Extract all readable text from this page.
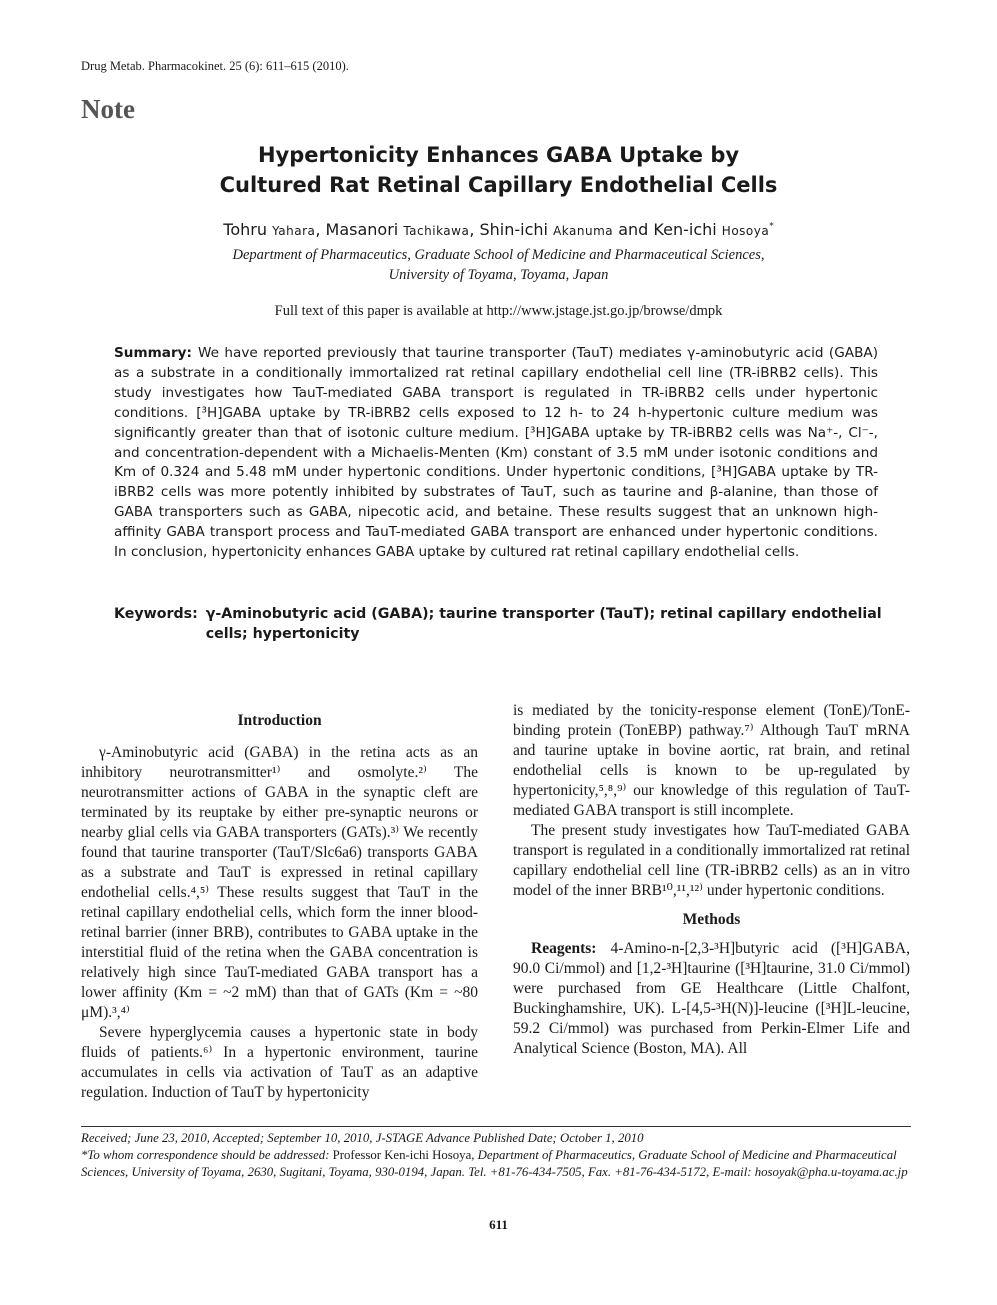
Drug Metab. Pharmacokinet. 25 (6): 611–615 (2010).
Note
Hypertonicity Enhances GABA Uptake by
Cultured Rat Retinal Capillary Endothelial Cells
Tohru Yahara, Masanori Tachikawa, Shin-ichi Akanuma and Ken-ichi Hosoya*
Department of Pharmaceutics, Graduate School of Medicine and Pharmaceutical Sciences,
University of Toyama, Toyama, Japan
Full text of this paper is available at http://www.jstage.jst.go.jp/browse/dmpk
Summary: We have reported previously that taurine transporter (TauT) mediates γ-aminobutyric acid (GABA) as a substrate in a conditionally immortalized rat retinal capillary endothelial cell line (TR-iBRB2 cells). This study investigates how TauT-mediated GABA transport is regulated in TR-iBRB2 cells under hypertonic conditions. [³H]GABA uptake by TR-iBRB2 cells exposed to 12 h- to 24 h-hypertonic culture medium was significantly greater than that of isotonic culture medium. [³H]GABA uptake by TR-iBRB2 cells was Na⁺-, Cl⁻-, and concentration-dependent with a Michaelis-Menten (Km) constant of 3.5 mM under isotonic conditions and Km of 0.324 and 5.48 mM under hypertonic conditions. Under hypertonic conditions, [³H]GABA uptake by TR-iBRB2 cells was more potently inhibited by substrates of TauT, such as taurine and β-alanine, than those of GABA transporters such as GABA, nipecotic acid, and betaine. These results suggest that an unknown high-affinity GABA transport process and TauT-mediated GABA transport are enhanced under hypertonic conditions. In conclusion, hypertonicity enhances GABA uptake by cultured rat retinal capillary endothelial cells.
Keywords: γ-Aminobutyric acid (GABA); taurine transporter (TauT); retinal capillary endothelial cells; hypertonicity
Introduction

γ-Aminobutyric acid (GABA) in the retina acts as an inhibitory neurotransmitter¹⁾ and osmolyte.²⁾ The neurotransmitter actions of GABA in the synaptic cleft are terminated by its reuptake by either pre-synaptic neurons or nearby glial cells via GABA transporters (GATs).³⁾ We recently found that taurine transporter (TauT/Slc6a6) transports GABA as a substrate and TauT is expressed in retinal capillary endothelial cells.⁴,⁵⁾ These results suggest that TauT in the retinal capillary endothelial cells, which form the inner blood-retinal barrier (inner BRB), contributes to GABA uptake in the interstitial fluid of the retina when the GABA concentration is relatively high since TauT-mediated GABA transport has a lower affinity (Km = ~2 mM) than that of GATs (Km = ~80 μM).³,⁴⁾

Severe hyperglycemia causes a hypertonic state in body fluids of patients.⁶⁾ In a hypertonic environment, taurine accumulates in cells via activation of TauT as an adaptive regulation. Induction of TauT by hypertonicity

is mediated by the tonicity-response element (TonE)/TonE-binding protein (TonEBP) pathway.⁷⁾ Although TauT mRNA and taurine uptake in bovine aortic, rat brain, and retinal endothelial cells is known to be up-regulated by hypertonicity,⁵,⁸,⁹⁾ our knowledge of this regulation of TauT-mediated GABA transport is still incomplete.

The present study investigates how TauT-mediated GABA transport is regulated in a conditionally immortalized rat retinal capillary endothelial cell line (TR-iBRB2 cells) as an in vitro model of the inner BRB¹⁰,¹¹,¹²⁾ under hypertonic conditions.

Methods

Reagents: 4-Amino-n-[2,3-³H]butyric acid ([³H]GABA, 90.0 Ci/mmol) and [1,2-³H]taurine ([³H]taurine, 31.0 Ci/mmol) were purchased from GE Healthcare (Little Chalfont, Buckinghamshire, UK). L-[4,5-³H(N)]-leucine ([³H]L-leucine, 59.2 Ci/mmol) was purchased from Perkin-Elmer Life and Analytical Science (Boston, MA). All

Received; June 23, 2010, Accepted; September 10, 2010, J-STAGE Advance Published Date; October 1, 2010
*To whom correspondence should be addressed: Professor Ken-ichi Hosoya, Department of Pharmaceutics, Graduate School of Medicine and Pharmaceutical Sciences, University of Toyama, 2630, Sugitani, Toyama, 930-0194, Japan. Tel. +81-76-434-7505, Fax. +81-76-434-5172, E-mail: hosoyak@pha.u-toyama.ac.jp
611
